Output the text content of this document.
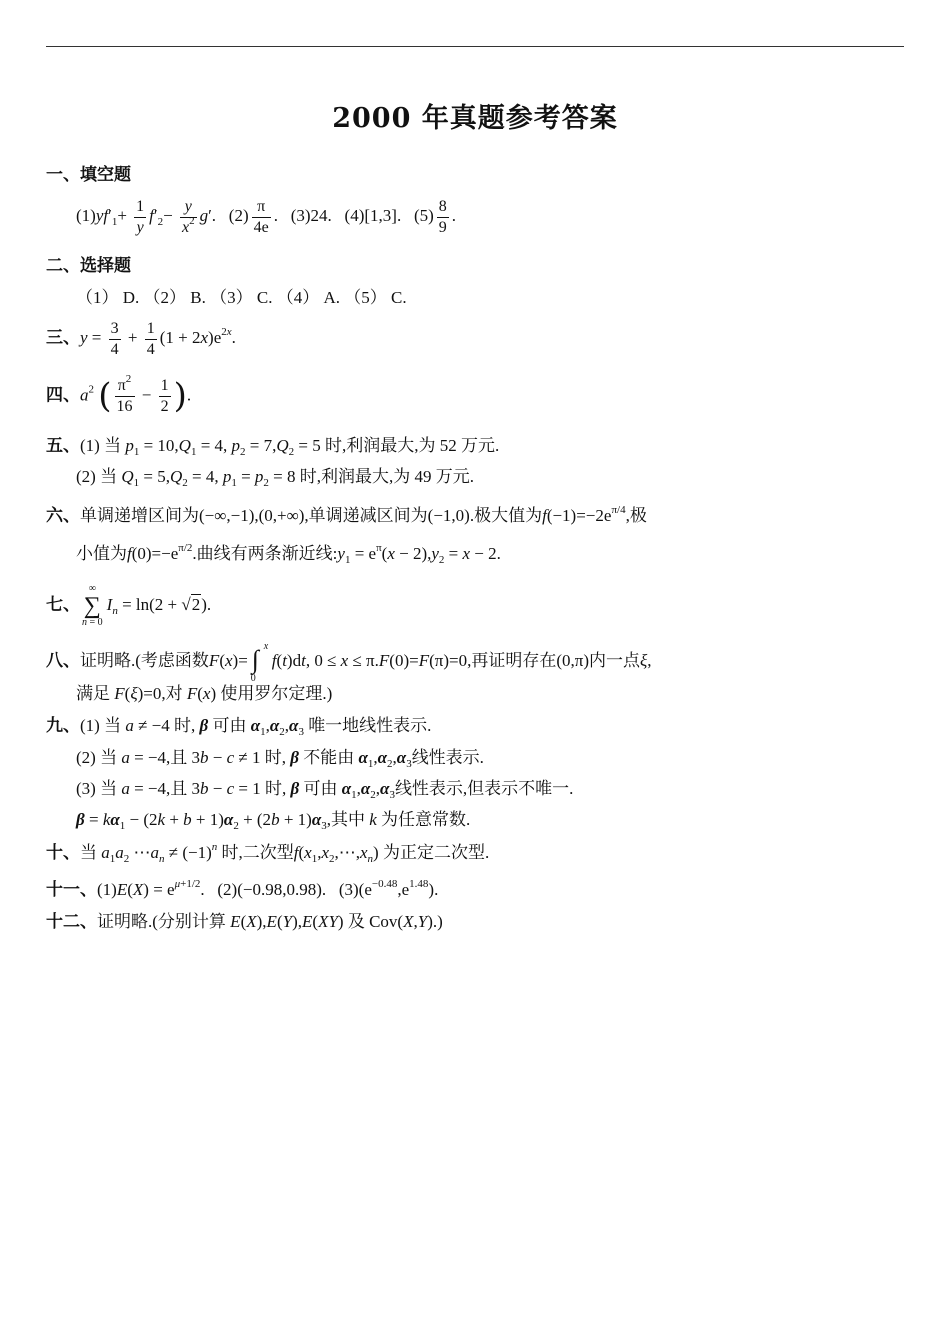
2000 年真题参考答案
一、填空题
$(1)yf'_1+ \frac{1}{y} f'_2- \frac{y}{x^2} g'$.   $(2) \frac{\pi}{4e}$ .   (3)24.   (4)[1,3].   $(5) \frac{8}{9}$ .
二、选择题
（1） D. （2） B. （3） C. （4） A. （5） C.
三、$y = \frac{3}{4} + \frac{1}{4} (1 + 2x)e^{2x}$.
四、$a^2$ ( $\frac{\pi^2}{16} - \frac{1}{2}$ ).
五、(1) 当 $p_1 = 10,Q_1 = 4$, $p_2 = 7,Q_2 = 5$ 时,利润最大,为 52 万元.
(2) 当 $Q_1 = 5,Q_2 = 4$, $p_1 = p_2 = 8$ 时,利润最大,为 49 万元.
六、单调递增区间为(−∞,−1),(0,+∞),单调递减区间为(−1,0).极大值为$f(-1)=-2e^{\pi/4}$,极
小值为$f(0)=-e^{\pi/2}$.曲线有两条渐近线$:y_1 = e^\pi(x - 2),y_2 = x - 2$.
七、
∞
∑
n = 0
$I_n = \ln(2 + √2)$.
八、证明略.(考虑函数F(x)= ∫ x
0
f(t)dt, 0 ≤ x ≤ π.F(0)=F(π)=0,再证明存在(0,π)内一点ξ,
满足 F(ξ)=0,对 F(x) 使用罗尔定理.)
九、(1) 当 a ≠ −4 时, β 可由 $\alpha_1,\alpha_2,\alpha_3$ 唯一地线性表示.
(2) 当 a = −4,且 3b − c ≠ 1 时, β 不能由 $\alpha_1,\alpha_2,\alpha_3$线性表示.
(3) 当 a = −4,且 3b − c = 1 时, β 可由 $\alpha_1,\alpha_2,\alpha_3$线性表示,但表示不唯一.
$\beta = k\alpha_1 - (2k + b + 1)\alpha_2 + (2b + 1)\alpha_3$,其中 k 为任意常数.
十、当 $a_1a_2$ $\cdots a_n \ne (-1)^n$ 时,二次型$f(x_1,x_2,\cdots,x_n)$ 为正定二次型.
十一、$(1)E(X) = e^{\mu+1/2}$.   (2)(−0.98,0.98).   $(3)(e^{-0.48},e^{1.48})$.
十二、证明略.(分别计算 E(X),E(Y),E(XY) 及 Cov(X,Y).)
